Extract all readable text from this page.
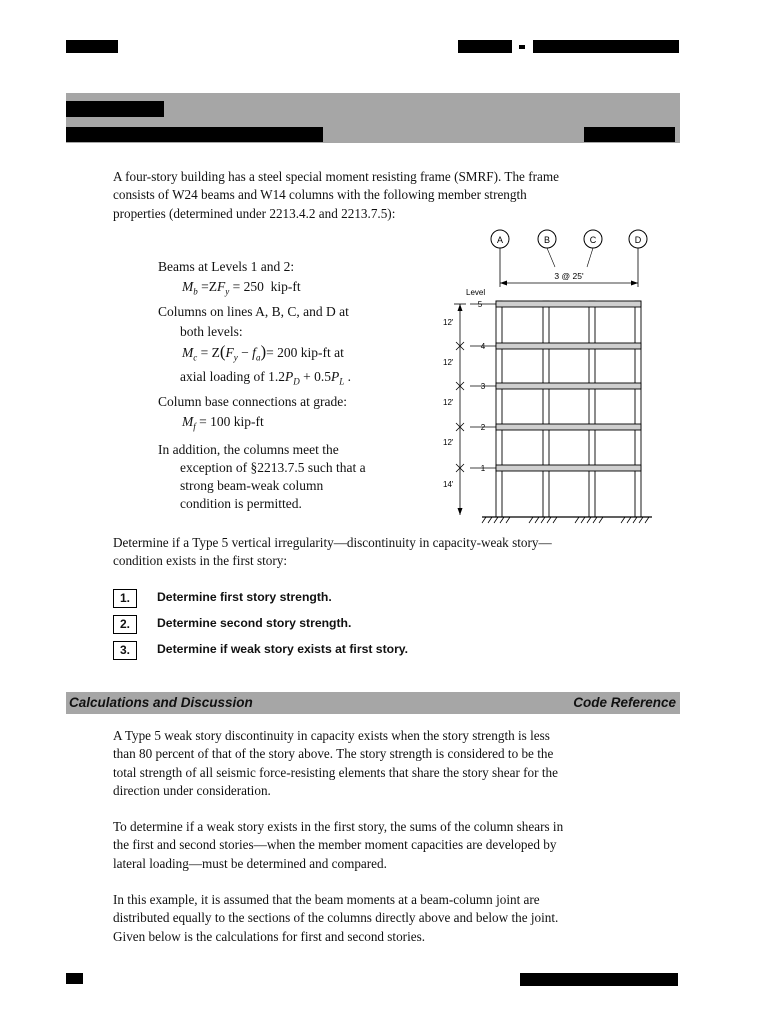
A four-story building has a steel special moment resisting frame (SMRF). The frame
consists of W24 beams and W14 columns with the following member strength
properties (determined under 2213.4.2 and 2213.7.5):
Beams at Levels 1 and 2:
$M_b =ZF_y = 250$ kip-ft
Columns on lines A, B, C, and D at
both levels:
$M_c = Z(F_y - f_a)= 200$ kip-ft at
axial loading of $1.2P_D + 0.5P_L$ .
Column base connections at grade:
$M_f = 100$ kip-ft
In addition, the columns meet the
exception of §2213.7.5 such that a
strong beam-weak column
condition is permitted.
A	B	C	D
3 @ 25'
Level
5
4
3
2
1
12'
12'
12'
12'
14'
Determine if a Type 5 vertical irregularity—discontinuity in capacity-weak story—
condition exists in the first story:
1.	Determine first story strength.
2.	Determine second story strength.
3.	Determine if weak story exists at first story.
Calculations and Discussion	Code Reference
A Type 5 weak story discontinuity in capacity exists when the story strength is less
than 80 percent of that of the story above. The story strength is considered to be the
total strength of all seismic force-resisting elements that share the story shear for the
direction under consideration.
To determine if a weak story exists in the first story, the sums of the column shears in
the first and second stories—when the member moment capacities are developed by
lateral loading—must be determined and compared.
In this example, it is assumed that the beam moments at a beam-column joint are
distributed equally to the sections of the columns directly above and below the joint.
Given below is the calculations for first and second stories.
